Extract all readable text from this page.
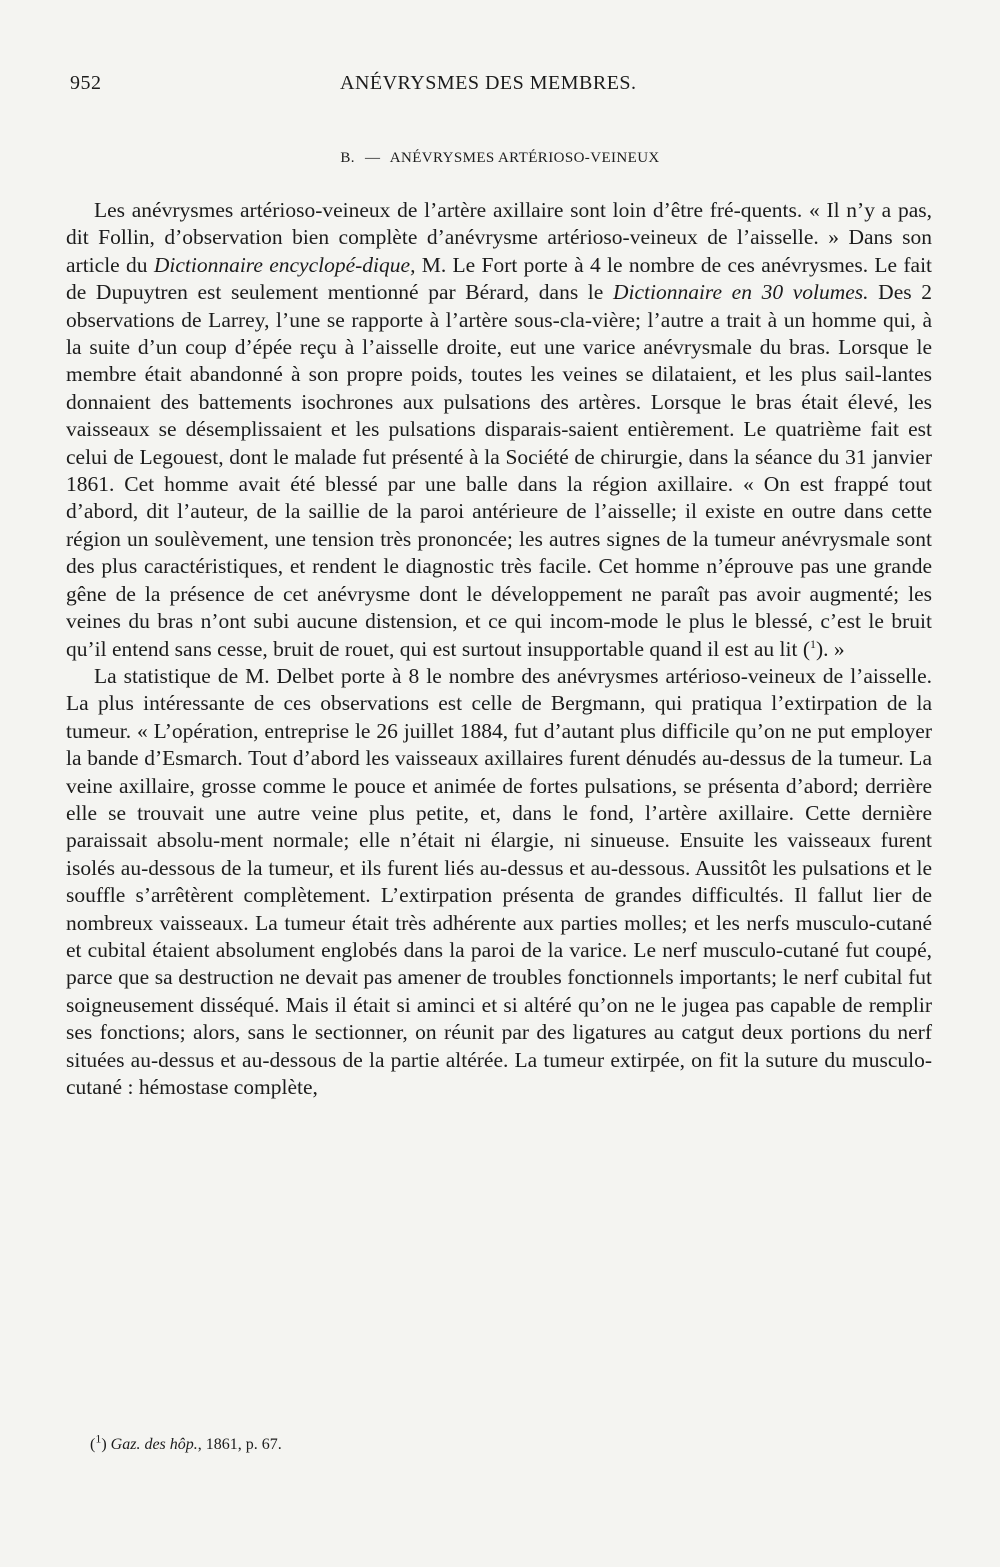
952	ANÉVRYSMES DES MEMBRES.
B. — ANÉVRYSMES ARTÉRIOSO-VEINEUX

Les anévrysmes artérioso-veineux de l’artère axillaire sont loin d’être fré-quents. « Il n’y a pas, dit Follin, d’observation bien complète d’anévrysme artérioso-veineux de l’aisselle. » Dans son article du Dictionnaire encyclopé-dique, M. Le Fort porte à 4 le nombre de ces anévrysmes. Le fait de Dupuytren est seulement mentionné par Bérard, dans le Dictionnaire en 30 volumes. Des 2 observations de Larrey, l’une se rapporte à l’artère sous-cla-vière; l’autre a trait à un homme qui, à la suite d’un coup d’épée reçu à l’aisselle droite, eut une varice anévrysmale du bras. Lorsque le membre était abandonné à son propre poids, toutes les veines se dilataient, et les plus sail-lantes donnaient des battements isochrones aux pulsations des artères. Lorsque le bras était élevé, les vaisseaux se désemplissaient et les pulsations disparais-saient entièrement. Le quatrième fait est celui de Legouest, dont le malade fut présenté à la Société de chirurgie, dans la séance du 31 janvier 1861. Cet homme avait été blessé par une balle dans la région axillaire. « On est frappé tout d’abord, dit l’auteur, de la saillie de la paroi antérieure de l’aisselle; il existe en outre dans cette région un soulèvement, une tension très prononcée; les autres signes de la tumeur anévrysmale sont des plus caractéristiques, et rendent le diagnostic très facile. Cet homme n’éprouve pas une grande gêne de la présence de cet anévrysme dont le développement ne paraît pas avoir augmenté; les veines du bras n’ont subi aucune distension, et ce qui incom-mode le plus le blessé, c’est le bruit qu’il entend sans cesse, bruit de rouet, qui est surtout insupportable quand il est au lit ($^1$). »

La statistique de M. Delbet porte à 8 le nombre des anévrysmes artérioso-veineux de l’aisselle. La plus intéressante de ces observations est celle de Bergmann, qui pratiqua l’extirpation de la tumeur. « L’opération, entreprise le 26 juillet 1884, fut d’autant plus difficile qu’on ne put employer la bande d’Esmarch. Tout d’abord les vaisseaux axillaires furent dénudés au-dessus de la tumeur. La veine axillaire, grosse comme le pouce et animée de fortes pulsations, se présenta d’abord; derrière elle se trouvait une autre veine plus petite, et, dans le fond, l’artère axillaire. Cette dernière paraissait absolu-ment normale; elle n’était ni élargie, ni sinueuse. Ensuite les vaisseaux furent isolés au-dessous de la tumeur, et ils furent liés au-dessus et au-dessous. Aussitôt les pulsations et le souffle s’arrêtèrent complètement. L’extirpation présenta de grandes difficultés. Il fallut lier de nombreux vaisseaux. La tumeur était très adhérente aux parties molles; et les nerfs musculo-cutané et cubital étaient absolument englobés dans la paroi de la varice. Le nerf musculo-cutané fut coupé, parce que sa destruction ne devait pas amener de troubles fonctionnels importants; le nerf cubital fut soigneusement disséqué. Mais il était si aminci et si altéré qu’on ne le jugea pas capable de remplir ses fonctions; alors, sans le sectionner, on réunit par des ligatures au catgut deux portions du nerf situées au-dessus et au-dessous de la partie altérée. La tumeur extirpée, on fit la suture du musculo-cutané : hémostase complète,

($^1$) Gaz. des hôp., 1861, p. 67.
